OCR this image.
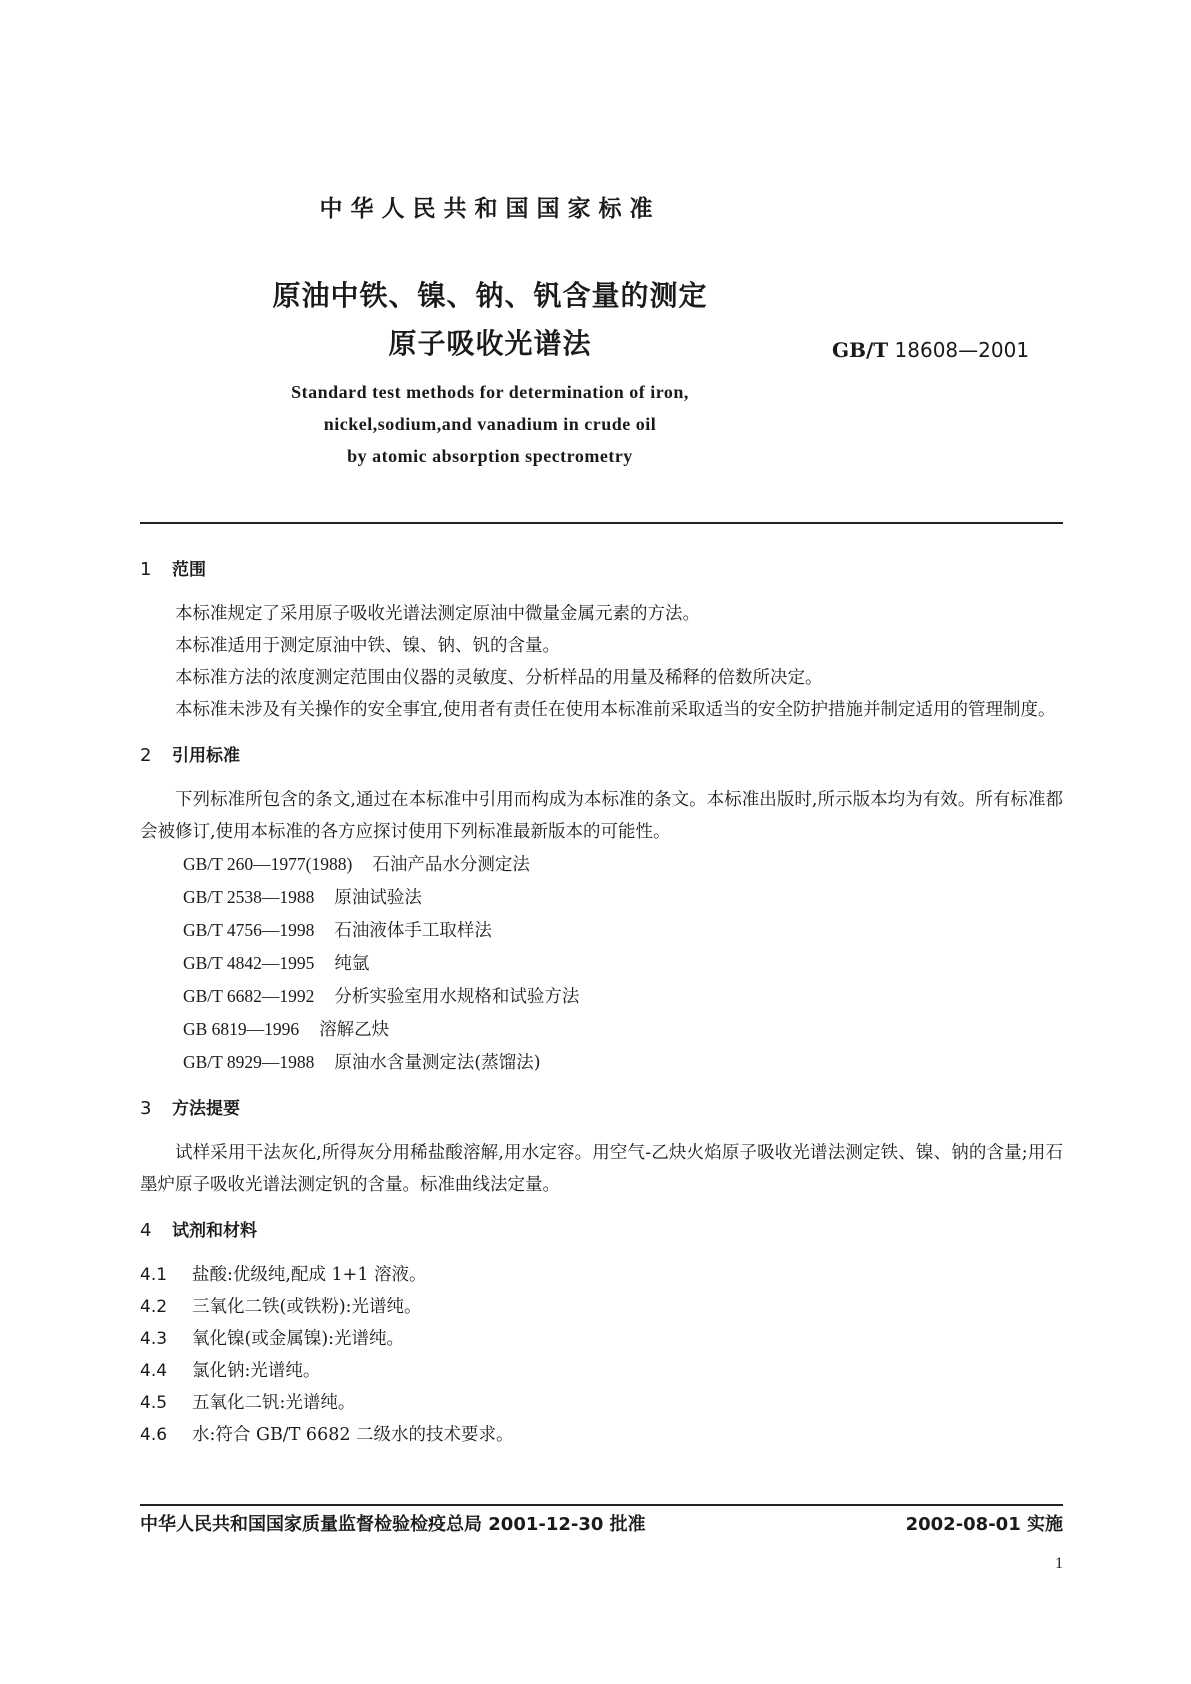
中华人民共和国国家标准
原油中铁、镍、钠、钒含量的测定
原子吸收光谱法	GB/T 18608—2001
Standard test methods for determination of iron,
nickel,sodium,and vanadium in crude oil
by atomic absorption spectrometry
1 范围

本标准规定了采用原子吸收光谱法测定原油中微量金属元素的方法。

本标准适用于测定原油中铁、镍、钠、钒的含量。

本标准方法的浓度测定范围由仪器的灵敏度、分析样品的用量及稀释的倍数所决定。

本标准未涉及有关操作的安全事宜,使用者有责任在使用本标准前采取适当的安全防护措施并制定适用的管理制度。

2 引用标准

下列标准所包含的条文,通过在本标准中引用而构成为本标准的条文。本标准出版时,所示版本均为有效。所有标准都会被修订,使用本标准的各方应探讨使用下列标准最新版本的可能性。

GB/T 260—1977(1988) 石油产品水分测定法

GB/T 2538—1988 原油试验法

GB/T 4756—1998 石油液体手工取样法

GB/T 4842—1995 纯氩

GB/T 6682—1992 分析实验室用水规格和试验方法

GB 6819—1996 溶解乙炔

GB/T 8929—1988 原油水含量测定法(蒸馏法)

3 方法提要

试样采用干法灰化,所得灰分用稀盐酸溶解,用水定容。用空气-乙炔火焰原子吸收光谱法测定铁、镍、钠的含量;用石墨炉原子吸收光谱法测定钒的含量。标准曲线法定量。

4 试剂和材料

4.1 盐酸:优级纯,配成 1+1 溶液。

4.2 三氧化二铁(或铁粉):光谱纯。

4.3 氧化镍(或金属镍):光谱纯。

4.4 氯化钠:光谱纯。

4.5 五氧化二钒:光谱纯。

4.6 水:符合 GB/T 6682 二级水的技术要求。

中华人民共和国国家质量监督检验检疫总局 2001-12-30 批准	2002-08-01 实施
1
